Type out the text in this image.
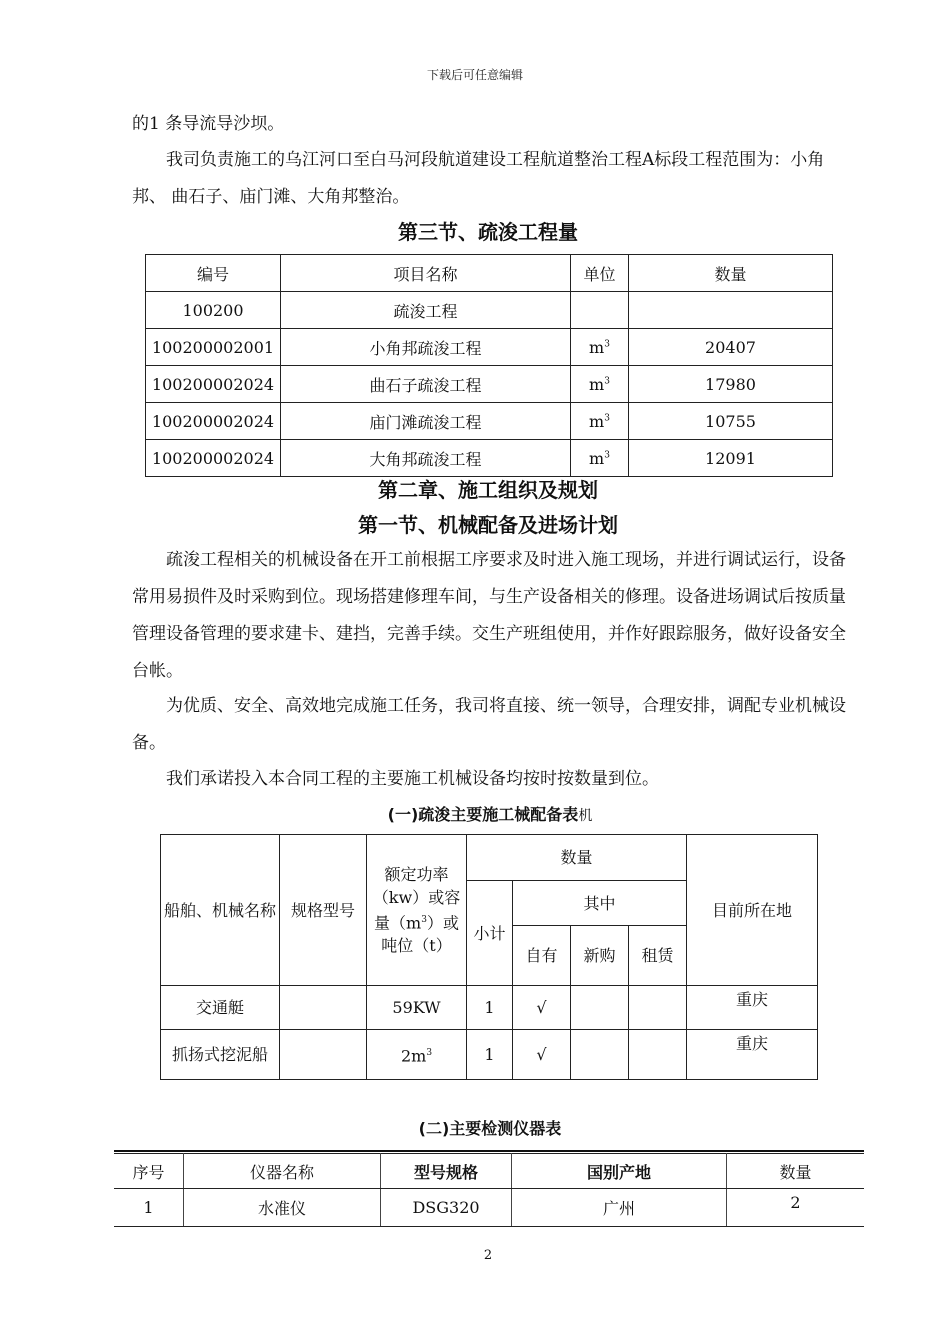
下载后可任意编辑
的1 条导流导沙坝。
我司负责施工的乌江河口至白马河段航道建设工程航道整治工程A标段工程范围为：小角邦、 曲石子、庙门滩、大角邦整治。
第三节、疏浚工程量
编号	项目名称	单位	数量
100200	疏浚工程		
100200002001	小角邦疏浚工程	$m^3$	20407
100200002024	曲石子疏浚工程	$m^3$	17980
100200002024	庙门滩疏浚工程	$m^3$	10755
100200002024	大角邦疏浚工程	$m^3$	12091
第二章、施工组织及规划
第一节、机械配备及进场计划
疏浚工程相关的机械设备在开工前根据工序要求及时进入施工现场，并进行调试运行，设备常用易损件及时采购到位。现场搭建修理车间，与生产设备相关的修理。设备进场调试后按质量管理设备管理的要求建卡、建挡，完善手续。交生产班组使用，并作好跟踪服务，做好设备安全台帐。
为优质、安全、高效地完成施工任务，我司将直接、统一领导，合理安排，调配专业机械设备。
我们承诺投入本合同工程的主要施工机械设备均按时按数量到位。
(一)疏浚主要施工械配备表机
船舶、机械名称	规格型号	额定功率（kw）或容量$(m^3)$或吨位（t）	数量				目前所在地
			小计	其中			
				自有	新购	租赁	
交通艇		59KW	1	√			重庆
抓扬式挖泥船		$2m^3$	1	√			重庆
(二)主要检测仪器表
序号	仪器名称	型号规格	国别产地	数量
1	水准仪	DSG320	广州	2
2
